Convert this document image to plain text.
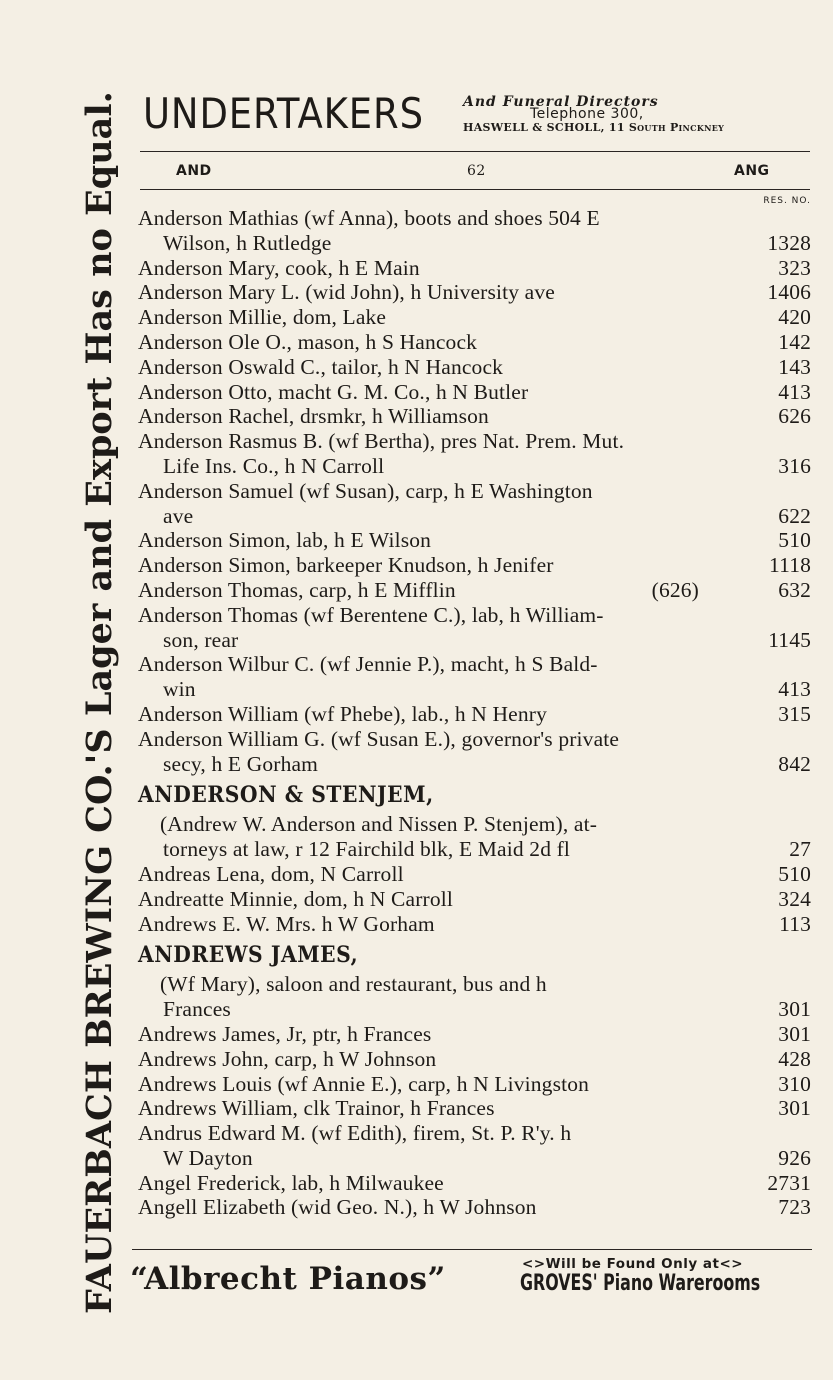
FAUERBACH BREWING CO.'S Lager and Export Has no Equal. UNDERTAKERS	And Funeral Directors
Telephone 300,
HASWELL & SCHOLL, 11 South Pinckney
AND	62	ANG
RES. NO.
Anderson Mathias (wf Anna), boots and shoes 504 E
Wilson, h Rutledge	1328
Anderson Mary, cook, h E Main	323
Anderson Mary L. (wid John), h University ave	1406
Anderson Millie, dom, Lake	420
Anderson Ole O., mason, h S Hancock	142
Anderson Oswald C., tailor, h N Hancock	143
Anderson Otto, macht G. M. Co., h N Butler	413
Anderson Rachel, drsmkr, h Williamson	626
Anderson Rasmus B. (wf Bertha), pres Nat. Prem. Mut.
Life Ins. Co., h N Carroll	316
Anderson Samuel (wf Susan), carp, h E Washington
ave	622
Anderson Simon, lab, h E Wilson	510
Anderson Simon, barkeeper Knudson, h Jenifer	1118
Anderson Thomas, carp, h E Mifflin	(626)	632
Anderson Thomas (wf Berentene C.), lab, h William-
son, rear	1145
Anderson Wilbur C. (wf Jennie P.), macht, h S Bald-
win	413
Anderson William (wf Phebe), lab., h N Henry	315
Anderson William G. (wf Susan E.), governor's private
secy, h E Gorham	842
ANDERSON & STENJEM,
(Andrew W. Anderson and Nissen P. Stenjem), at-
torneys at law, r 12 Fairchild blk, E Maid 2d fl	27
Andreas Lena, dom, N Carroll	510
Andreatte Minnie, dom, h N Carroll	324
Andrews E. W. Mrs. h W Gorham	113
ANDREWS JAMES,
(Wf Mary), saloon and restaurant, bus and h
Frances	301
Andrews James, Jr, ptr, h Frances	301
Andrews John, carp, h W Johnson	428
Andrews Louis (wf Annie E.), carp, h N Livingston	310
Andrews William, clk Trainor, h Frances	301
Andrus Edward M. (wf Edith), firem, St. P. R'y. h
W Dayton	926
Angel Frederick, lab, h Milwaukee	2731
Angell Elizabeth (wid Geo. N.), h W Johnson	723
“Albrecht Pianos”	<>Will be Found Only at<>
GROVES' Piano Warerooms
